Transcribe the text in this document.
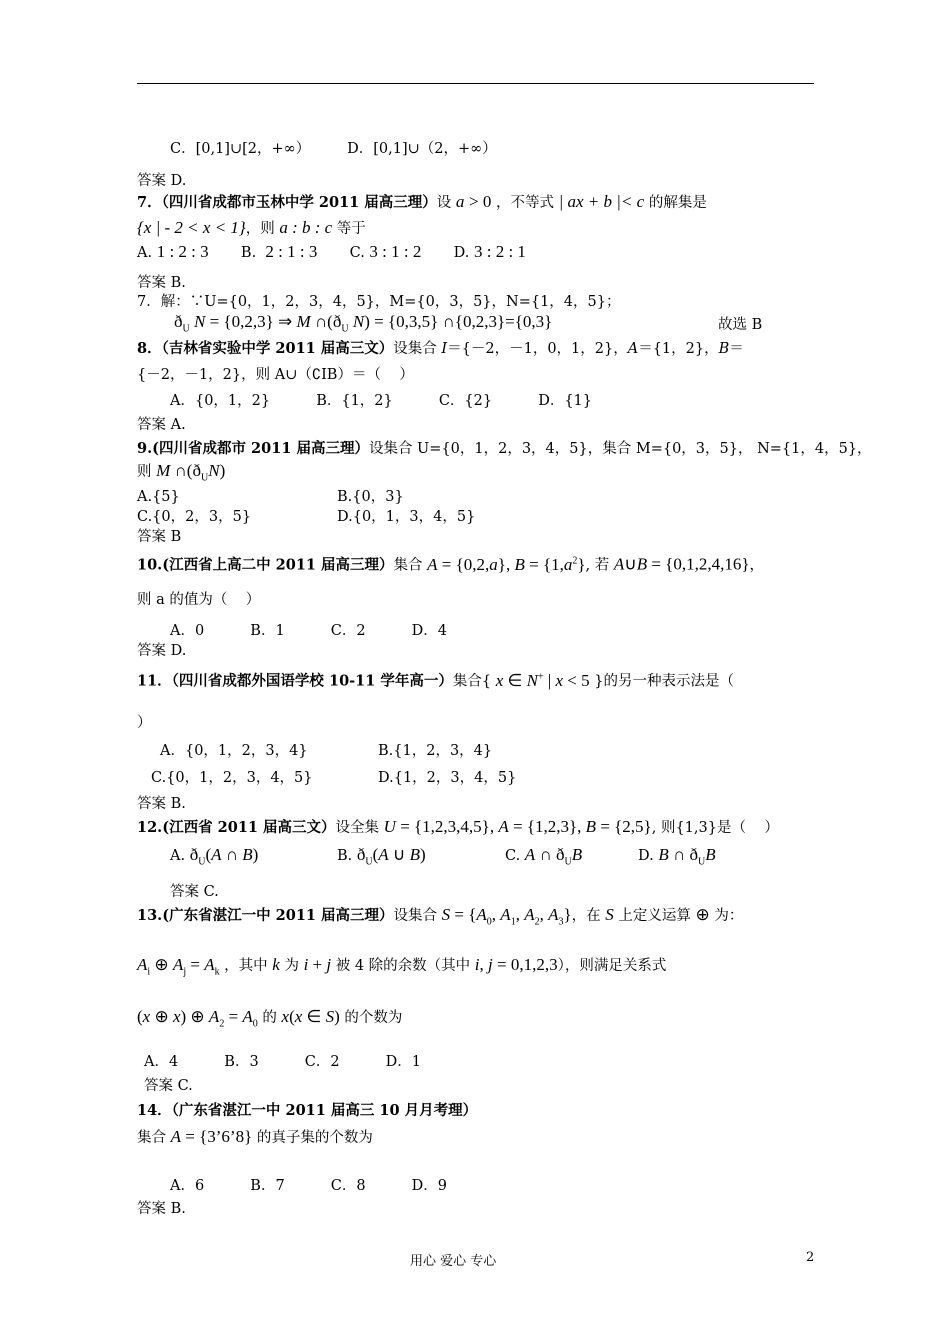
C．[0,1]∪[2，+∞）        D．[0,1]∪（2，+∞）
答案 D.
7．（四川省成都市玉林中学 2011 届高三理）设 a > 0 ，不等式 | ax + b |< c 的解集是
{x | - 2 < x < 1}，则 a : b : c 等于
A. 1 : 2 : 3       B.  2 : 1 : 3       C. 3 : 1 : 2       D. 3 : 2 : 1
答案 B.
7．解：∵U={0，1，2，3，4，5}，M={0，3，5}，N={1，4，5}；
$ð_U$ N = {0,2,3} ⇒ M $\cap(ð_U$ N) = {0,3,5} ∩{0,2,3}={0,3}	故选 B
8．（吉林省实验中学 2011 届高三文）设集合 I＝{－2，－1，0，1，2}，A＝{1，2}，B＝
{－2，－1，2}，则 A∪（∁IB）＝（    ）
A．{0，1，2}          B．{1，2}          C．{2}          D．{1}
答案 A.
9.(四川省成都市 2011 届高三理）设集合 U={0，1，2，3，4，5}，集合 M={0，3，5}， N={1，4，5}，
则 M $\cap(ð_UN)$
A.{5}	B.{0，3}
C.{0，2，3，5}	D.{0，1，3，4，5}
答案 B
10.(江西省上高二中 2011 届高三理）集合 A = {0,2,a}, $B = \{1,a^2\}$, 若 A∪B = {0,1,2,4,16}，
则 a 的值为（    ）
A．0          B．1          C．2          D．4
答案 D.
11．（四川省成都外国语学校 10-11 学年高一）集合{ x ∈ N+ | x < 5 }的另一种表示法是（
）
A．{0，1，2，3，4}	B.{1，2，3，4}
C.{0，1，2，3，4，5}	D.{1，2，3，4，5}
答案 B.
12.(江西省 2011 届高三文）设全集 U = {1,2,3,4,5}, A = {1,2,3}, B = {2,5}, 则{1,3}是（    ）
A. $ð_U(A$ ∩ B)	B. $ð_U(A$ ∪ B)	C. A ∩ $ð_UB$	D. B ∩ $ð_UB$
答案 C.
13.(广东省湛江一中 2011 届高三理）设集合 $S = \{A_0$, $A_1$, $A_2$, $A_3$}，在 S 上定义运算 ⊕ 为：
$A_i$ ⊕ $A_j = A_k$ ，其中 k 为 i + j 被 4 除的余数（其中 i, j = 0,1,2,3），则满足关系式
(x ⊕ x) ⊕ $A_2 = A_0$ 的 x(x ∈ S) 的个数为
A．4          B．3          C．2          D．1
答案 C.
14．（广东省湛江一中 2011 届高三 10 月月考理）
集合 A = {3’6’8} 的真子集的个数为
A．6          B．7          C．8          D．9
答案 B.
用心 爱心 专心	2
